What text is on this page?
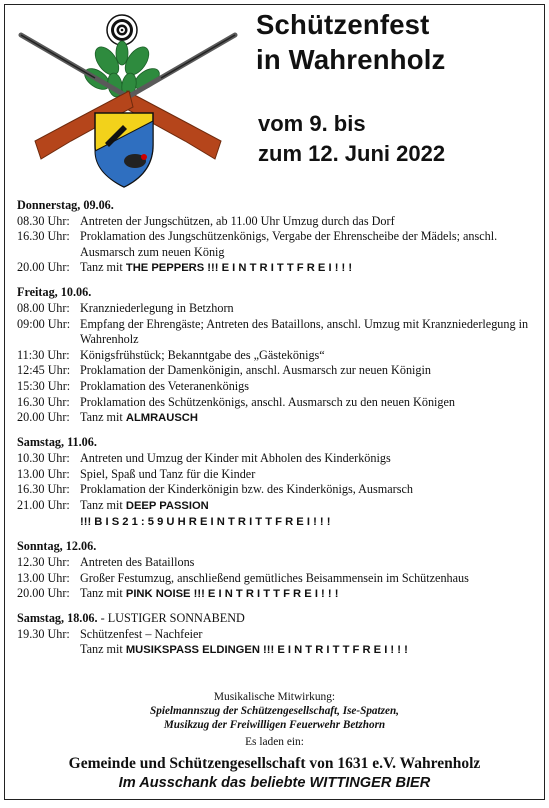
Schützenfest
in Wahrenholz
vom 9. bis
zum 12. Juni 2022
Donnerstag, 09.06.
08.30 Uhr: Antreten der Jungschützen, ab 11.00 Uhr Umzug durch das Dorf
16.30 Uhr: Proklamation des Jungschützenkönigs, Vergabe der Ehrenscheibe der Mädels; anschl. Ausmarsch zum neuen König
20.00 Uhr: Tanz mit THE PEPPERS !!! E I N T R I T T F R E I ! ! !
Freitag, 10.06.
08.00 Uhr: Kranzniederlegung in Betzhorn
09:00 Uhr: Empfang der Ehrengäste; Antreten des Bataillons, anschl. Umzug mit Kranzniederlegung in Wahrenholz
11:30 Uhr: Königsfrühstück; Bekanntgabe des „Gästekönigs“
12:45 Uhr: Proklamation der Damenkönigin, anschl. Ausmarsch zur neuen Königin
15:30 Uhr: Proklamation des Veteranenkönigs
16.30 Uhr: Proklamation des Schützenkönigs, anschl. Ausmarsch zu den neuen Königen
20.00 Uhr: Tanz mit ALMRAUSCH
Samstag, 11.06.
10.30 Uhr: Antreten und Umzug der Kinder mit Abholen des Kinderkönigs
13.00 Uhr: Spiel, Spaß und Tanz für die Kinder
16.30 Uhr: Proklamation der Kinderkönigin bzw. des Kinderkönigs, Ausmarsch
21.00 Uhr: Tanz mit DEEP PASSION
!!! B I S 2 1 : 5 9 U H R E I N T R I T T F R E I ! ! !
Sonntag, 12.06.
12.30 Uhr: Antreten des Bataillons
13.00 Uhr: Großer Festumzug, anschließend gemütliches Beisammensein im Schützenhaus
20.00 Uhr: Tanz mit PINK NOISE !!! E I N T R I T T F R E I ! ! !
Samstag, 18.06. - LUSTIGER SONNABEND
19.30 Uhr: Schützenfest – Nachfeier
Tanz mit MUSIKSPASS ELDINGEN !!! E I N T R I T T F R E I ! ! !
Musikalische Mitwirkung:
Spielmannszug der Schützengesellschaft, Ise-Spatzen,
Musikzug der Freiwilligen Feuerwehr Betzhorn
Es laden ein:
Gemeinde und Schützengesellschaft von 1631 e.V. Wahrenholz
Im Ausschank das beliebte WITTINGER BIER
